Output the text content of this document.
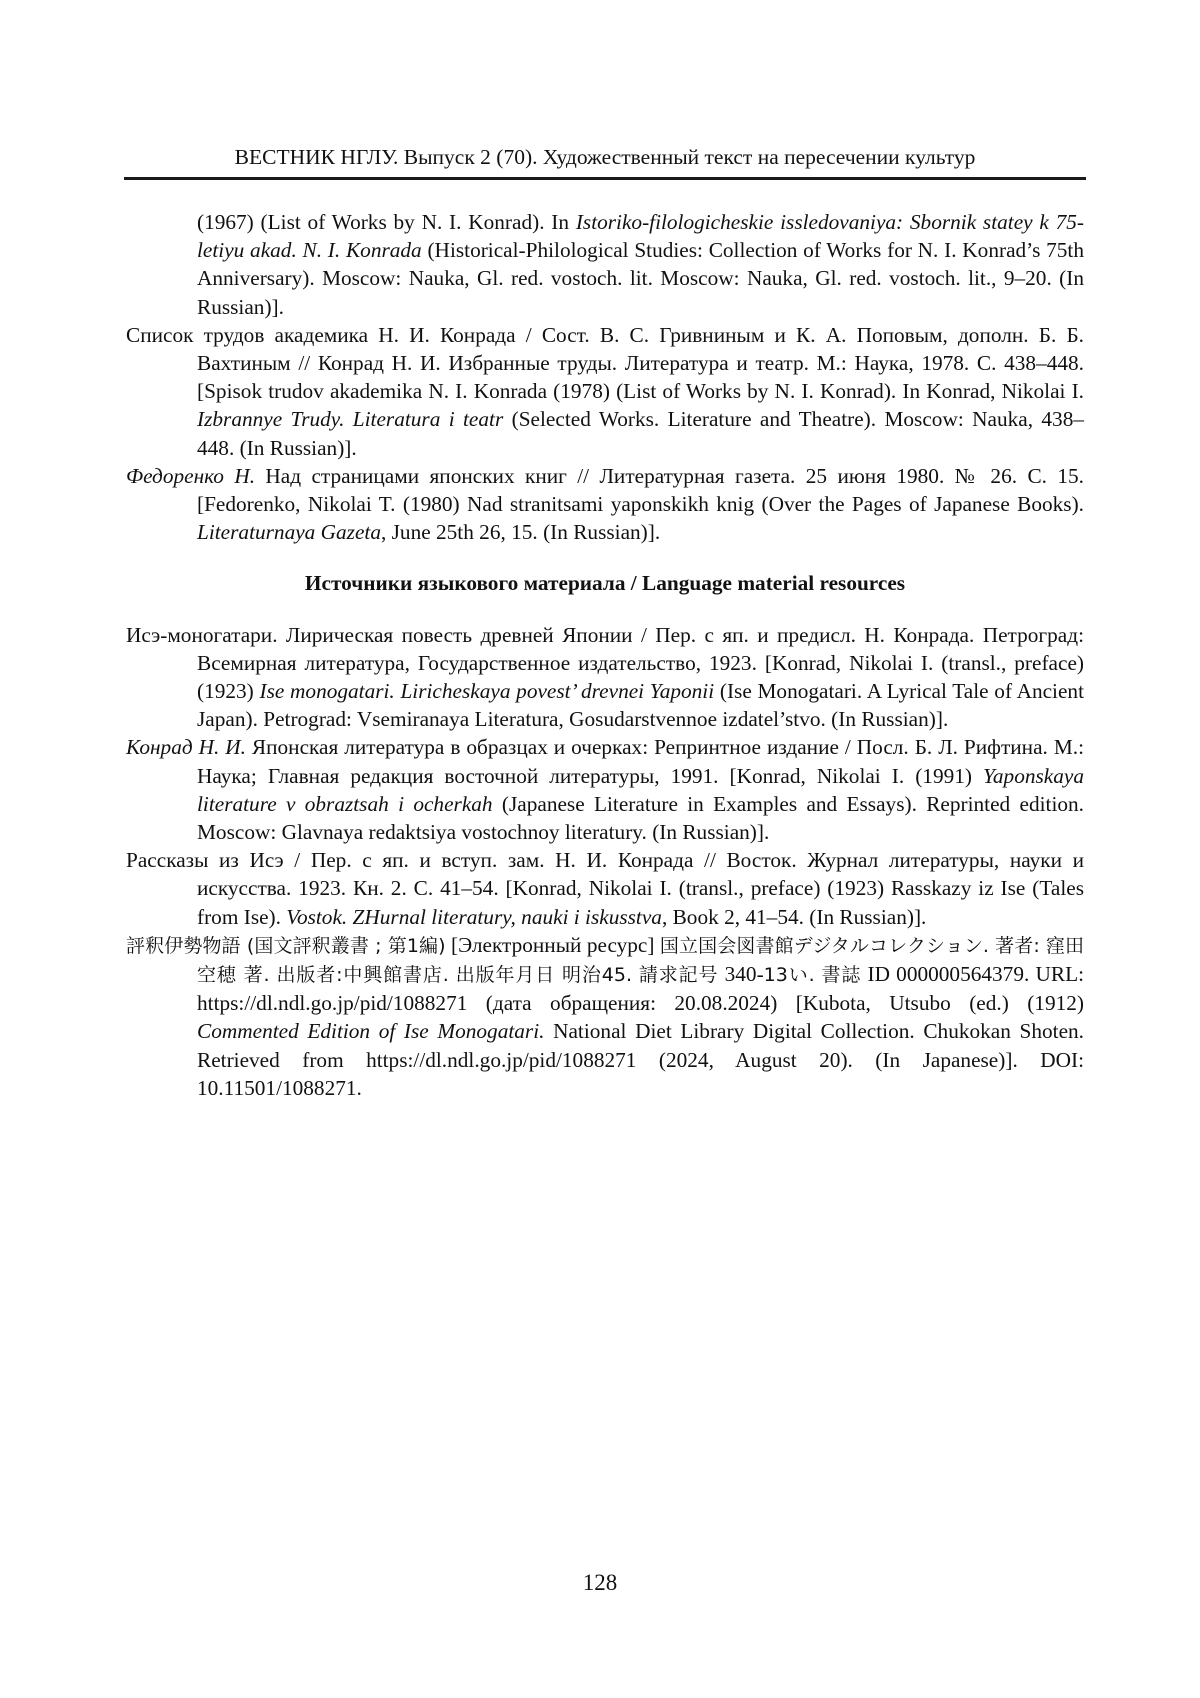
ВЕСТНИК НГЛУ. Выпуск 2 (70). Художественный текст на пересечении культур

(1967) (List of Works by N. I. Konrad). In Istoriko-filologicheskie issledovaniya: Sbornik statey k 75-letiyu akad. N. I. Konrada (Historical-Philological Studies: Collection of Works for N. I. Konrad’s 75th Anniversary). Moscow: Nauka, Gl. red. vostoch. lit. Moscow: Nauka, Gl. red. vostoch. lit., 9–20. (In Russian)].

Список трудов академика Н. И. Конрада / Сост. В. С. Гривниным и К. А. Поповым, дополн. Б. Б. Вахтиным // Конрад Н. И. Избранные труды. Литература и театр. М.: Наука, 1978. С. 438–448. [Spisok trudov akademika N. I. Konrada (1978) (List of Works by N. I. Konrad). In Konrad, Nikolai I. Izbrannye Trudy. Literatura i teatr (Selected Works. Literature and Theatre). Moscow: Nauka, 438–448. (In Russian)].

Федоренко Н. Над страницами японских книг // Литературная газета. 25 июня 1980. № 26. С. 15. [Fedorenko, Nikolai T. (1980) Nad stranitsami yaponskikh knig (Over the Pages of Japanese Books). Literaturnaya Gazeta, June 25th 26, 15. (In Russian)].

Источники языкового материала / Language material resources

Исэ-моногатари. Лирическая повесть древней Японии / Пер. с яп. и предисл. Н. Конрада. Петроград: Всемирная литература, Государственное издательство, 1923. [Konrad, Nikolai I. (transl., preface) (1923) Ise monogatari. Liricheskaya povest’ drevnei Yaponii (Ise Monogatari. A Lyrical Tale of Ancient Japan). Petrograd: Vsemiranaya Literatura, Gosudarstvennoe izdatel’stvo. (In Russian)].

Конрад Н. И. Японская литература в образцах и очерках: Репринтное издание / Посл. Б. Л. Рифтина. М.: Наука; Главная редакция восточной литературы, 1991. [Konrad, Nikolai I. (1991) Yaponskaya literature v obraztsah i ocherkah (Japanese Literature in Examples and Essays). Reprinted edition. Moscow: Glavnaya redaktsiya vostochnoy literatury. (In Russian)].

Рассказы из Исэ / Пер. с яп. и вступ. зам. Н. И. Конрада // Восток. Журнал литературы, науки и искусства. 1923. Кн. 2. С. 41–54. [Konrad, Nikolai I. (transl., preface) (1923) Rasskazy iz Ise (Tales from Ise). Vostok. ZHurnal literatury, nauki i iskusstva, Book 2, 41–54. (In Russian)].

評釈伊勢物語 (国文評釈叢書 ; 第1編) [Электронный ресурс] 国立国会図書館デジタルコレクション. 著者: 窪田空穂 著. 出版者:中興館書店. 出版年月日 明治45. 請求記号 340-13い. 書誌 ID 000000564379. URL: https://dl.ndl.go.jp/pid/1088271 (дата обращения: 20.08.2024) [Kubota, Utsubo (ed.) (1912) Commented Edition of Ise Monogatari. National Diet Library Digital Collection. Chukokan Shoten. Retrieved from https://dl.ndl.go.jp/pid/1088271 (2024, August 20). (In Japanese)]. DOI: 10.11501/1088271.

128
